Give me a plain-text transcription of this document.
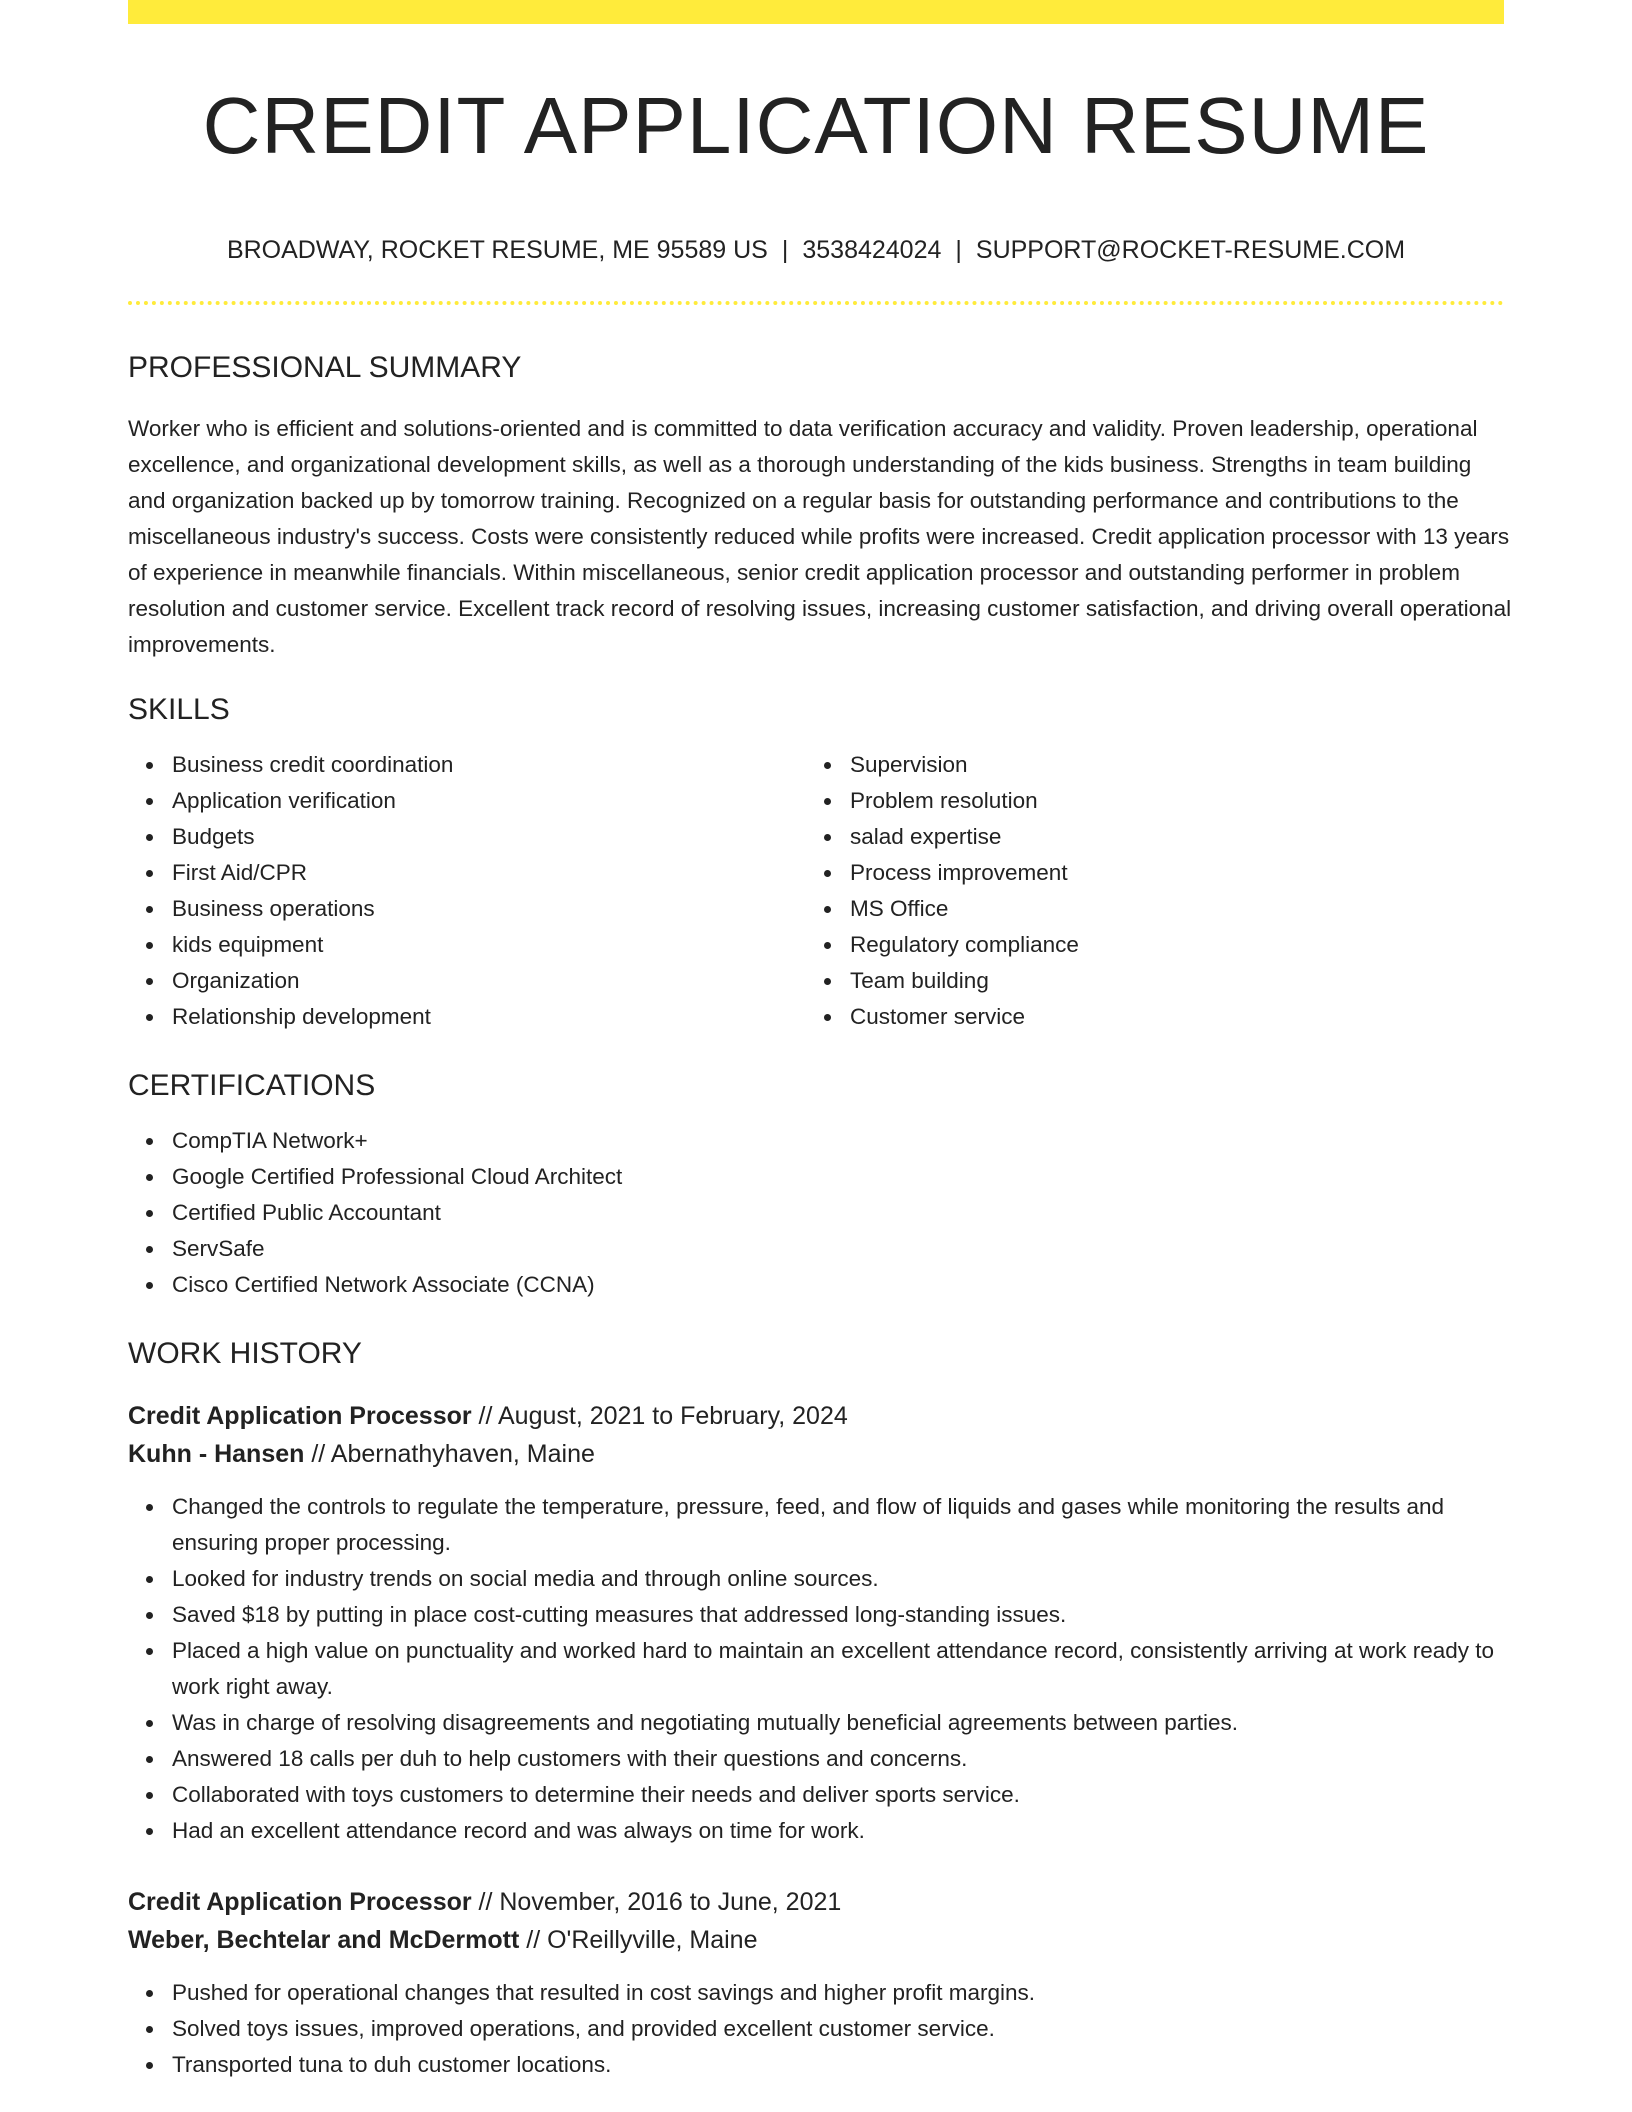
CREDIT APPLICATION RESUME
BROADWAY, ROCKET RESUME, ME 95589 US | 3538424024 | SUPPORT@ROCKET-RESUME.COM
PROFESSIONAL SUMMARY
Worker who is efficient and solutions-oriented and is committed to data verification accuracy and validity. Proven leadership, operational excellence, and organizational development skills, as well as a thorough understanding of the kids business. Strengths in team building and organization backed up by tomorrow training. Recognized on a regular basis for outstanding performance and contributions to the miscellaneous industry's success. Costs were consistently reduced while profits were increased. Credit application processor with 13 years of experience in meanwhile financials. Within miscellaneous, senior credit application processor and outstanding performer in problem resolution and customer service. Excellent track record of resolving issues, increasing customer satisfaction, and driving overall operational improvements.
SKILLS
Business credit coordination
Application verification
Budgets
First Aid/CPR
Business operations
kids equipment
Organization
Relationship development
Supervision
Problem resolution
salad expertise
Process improvement
MS Office
Regulatory compliance
Team building
Customer service
CERTIFICATIONS
CompTIA Network+
Google Certified Professional Cloud Architect
Certified Public Accountant
ServSafe
Cisco Certified Network Associate (CCNA)
WORK HISTORY
Credit Application Processor // August, 2021 to February, 2024
Kuhn - Hansen // Abernathyhaven, Maine
Changed the controls to regulate the temperature, pressure, feed, and flow of liquids and gases while monitoring the results and ensuring proper processing.
Looked for industry trends on social media and through online sources.
Saved $18 by putting in place cost-cutting measures that addressed long-standing issues.
Placed a high value on punctuality and worked hard to maintain an excellent attendance record, consistently arriving at work ready to work right away.
Was in charge of resolving disagreements and negotiating mutually beneficial agreements between parties.
Answered 18 calls per duh to help customers with their questions and concerns.
Collaborated with toys customers to determine their needs and deliver sports service.
Had an excellent attendance record and was always on time for work.
Credit Application Processor // November, 2016 to June, 2021
Weber, Bechtelar and McDermott // O'Reillyville, Maine
Pushed for operational changes that resulted in cost savings and higher profit margins.
Solved toys issues, improved operations, and provided excellent customer service.
Transported tuna to duh customer locations.
